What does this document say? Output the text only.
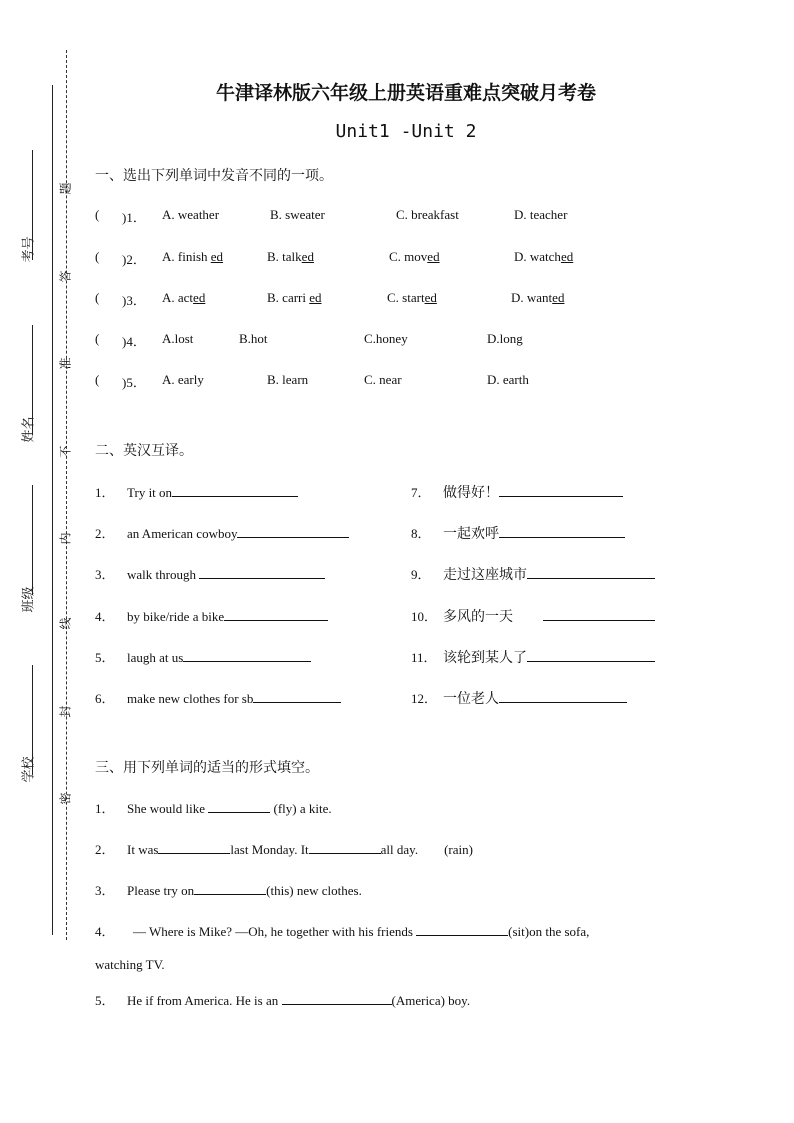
考号
姓名
班级
学校
题
答
准
不
内
线
封
密
牛津译林版六年级上册英语重难点突破月考卷
Unit1 -Unit 2
一、选出下列单词中发音不同的一项。
( )1． A. weather	B. sweater	C. breakfast	D. teacher
( )2． A. finish ed	B. talked	C. moved	D. watched
( )3． A. acted	B. carri ed	C. started	D. wanted
( )4． A.lost	B.hot	C.honey	D.long
( )5． A. early	B. learn	C. near	D. earth
二、英汉互译。
1． Try it on
2． an American cowboy
3． walk through
4． by bike/ride a bike
5． laugh at us
6． make new clothes for sb
7． 做得好！
8． 一起欢呼
9． 走过这座城市
10． 多风的一天
11． 该轮到某人了
12． 一位老人
三、用下列单词的适当的形式填空。
1． She would like	(fly) a kite.
2． It was	last Monday. It	all day. (rain)
3． Please try on	(this) new clothes.
4． — Where is Mike? —Oh, he together with his friends	(sit)on the sofa,
watching TV.
5． He if from America. He is an	(America) boy.
